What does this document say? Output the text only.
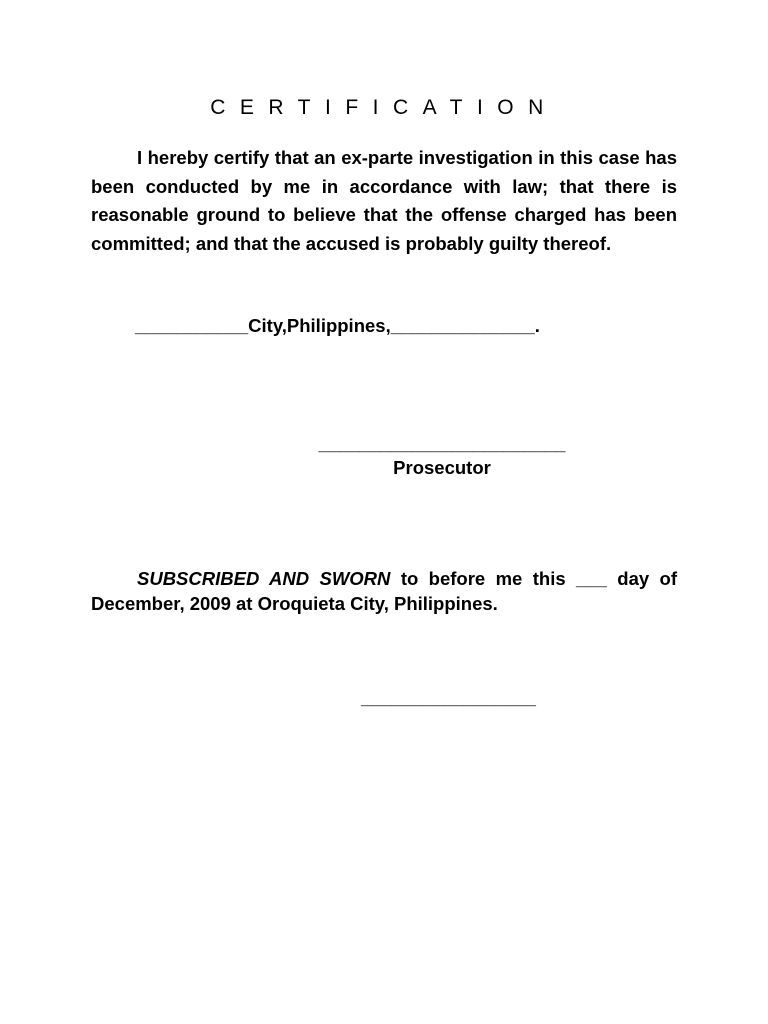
CERTIFICATION
I hereby certify that an ex-parte investigation in this case has been conducted by me in accordance with law; that there is reasonable ground to believe that the offense charged has been committed; and that the accused is probably guilty thereof.
___________City,Philippines,______________.
________________________
Prosecutor
SUBSCRIBED AND SWORN to before me this ___ day of December, 2009 at Oroquieta City, Philippines.
_________________
